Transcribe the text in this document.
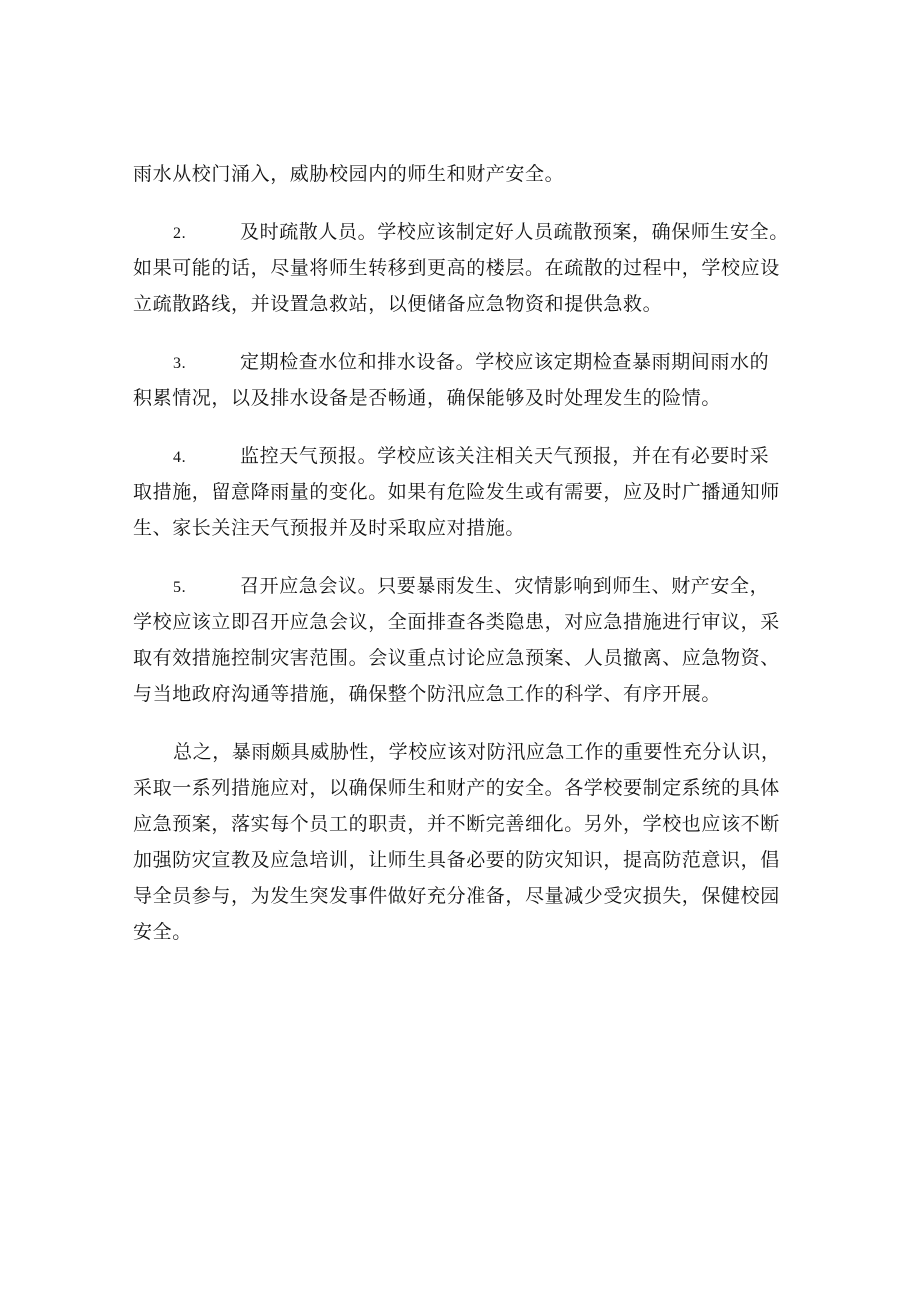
雨水从校门涌入，威胁校园内的师生和财产安全。
2.	及时疏散人员。学校应该制定好人员疏散预案，确保师生安全。
如果可能的话，尽量将师生转移到更高的楼层。在疏散的过程中，学校应设
立疏散路线，并设置急救站，以便储备应急物资和提供急救。
3.	定期检查水位和排水设备。学校应该定期检查暴雨期间雨水的
积累情况，以及排水设备是否畅通，确保能够及时处理发生的险情。
4.	监控天气预报。学校应该关注相关天气预报，并在有必要时采
取措施，留意降雨量的变化。如果有危险发生或有需要，应及时广播通知师
生、家长关注天气预报并及时采取应对措施。
5.	召开应急会议。只要暴雨发生、灾情影响到师生、财产安全，
学校应该立即召开应急会议，全面排查各类隐患，对应急措施进行审议，采
取有效措施控制灾害范围。会议重点讨论应急预案、人员撤离、应急物资、
与当地政府沟通等措施，确保整个防汛应急工作的科学、有序开展。
总之，暴雨颇具威胁性，学校应该对防汛应急工作的重要性充分认识，
采取一系列措施应对，以确保师生和财产的安全。各学校要制定系统的具体
应急预案，落实每个员工的职责，并不断完善细化。另外，学校也应该不断
加强防灾宣教及应急培训，让师生具备必要的防灾知识，提高防范意识，倡
导全员参与，为发生突发事件做好充分准备，尽量减少受灾损失，保健校园
安全。
